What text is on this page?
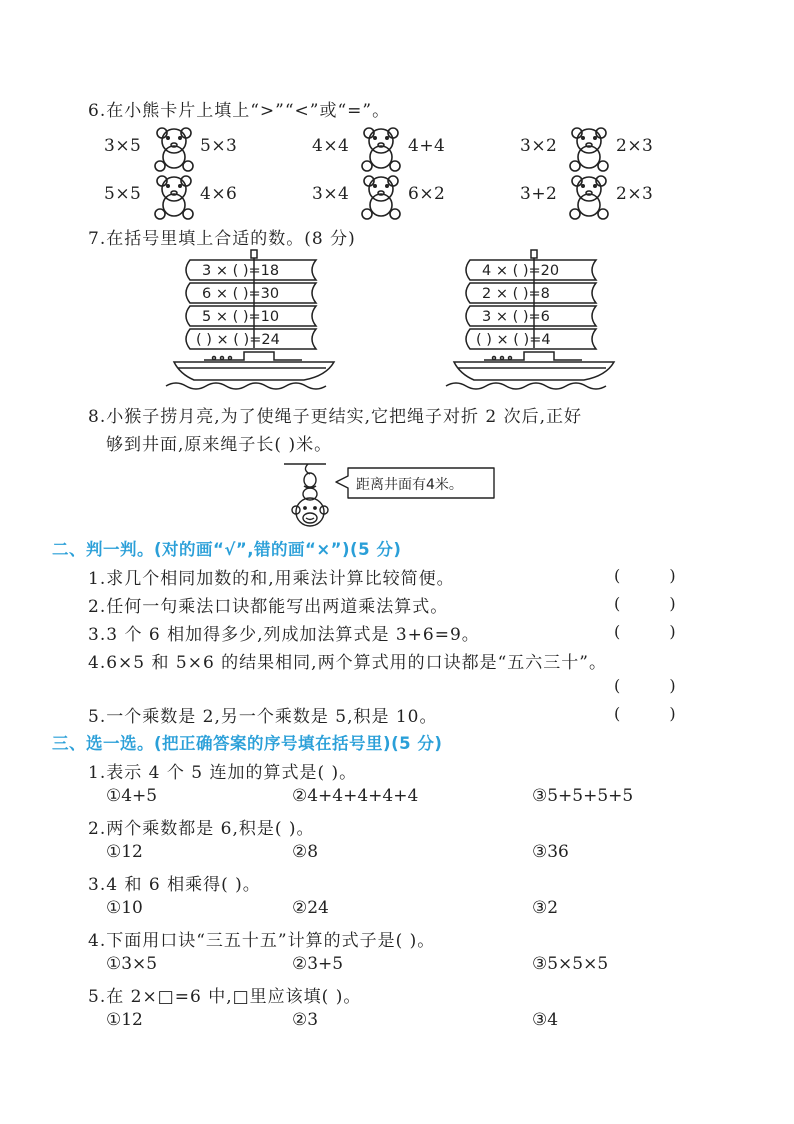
6.在小熊卡片上填上“>”“<”或“=”。
3×5	5×3	4×4	4+4	3×2	2×3
5×5	4×6	3×4	6×2	3+2	2×3
7.在括号里填上合适的数。(8 分)
3 × ( )=18
6 × ( )=30
5 × ( )=10
( ) × ( )=24
4 × ( )=20
2 × ( )=8
3 × ( )=6
( ) × ( )=4
8.小猴子捞月亮,为了使绳子更结实,它把绳子对折 2 次后,正好
够到井面,原来绳子长( )米。
距离井面有4米。
二、判一判。(对的画“√”,错的画“×”)(5 分)
1.求几个相同加数的和,用乘法计算比较简便。	( )
2.任何一句乘法口诀都能写出两道乘法算式。	( )
3.3 个 6 相加得多少,列成加法算式是 3+6=9。	( )
4.6×5 和 5×6 的结果相同,两个算式用的口诀都是“五六三十”。
( )
5.一个乘数是 2,另一个乘数是 5,积是 10。	( )
三、选一选。(把正确答案的序号填在括号里)(5 分)
1.表示 4 个 5 连加的算式是( )。
①4+5	②4+4+4+4+4	③5+5+5+5
2.两个乘数都是 6,积是( )。
①12	②8	③36
3.4 和 6 相乘得( )。
①10	②24	③2
4.下面用口诀“三五十五”计算的式子是( )。
①3×5	②3+5	③5×5×5
5.在 2×□=6 中,□里应该填( )。
①12	②3	③4
